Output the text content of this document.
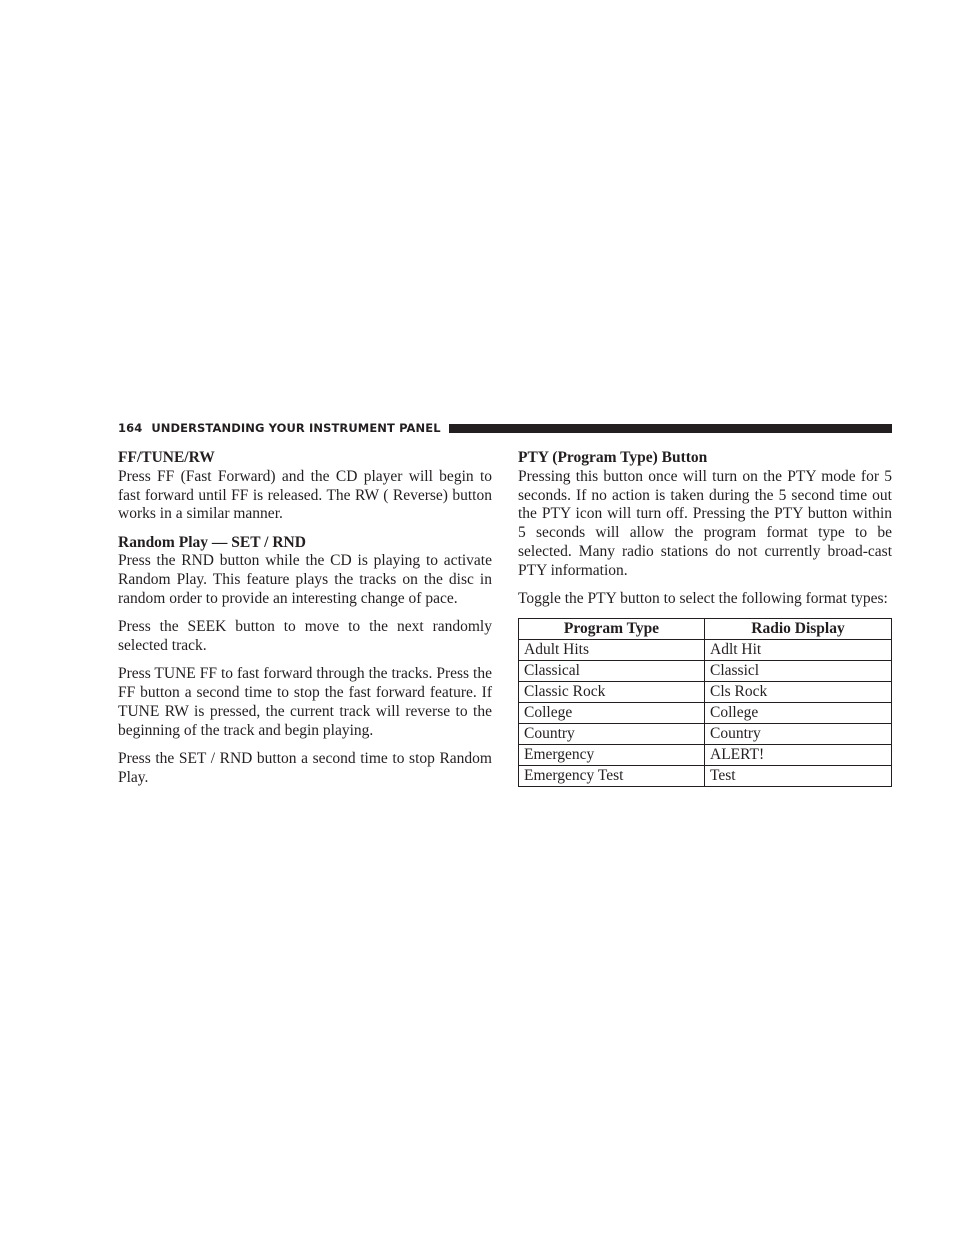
164 UNDERSTANDING YOUR INSTRUMENT PANEL
FF/TUNE/RW

Press FF (Fast Forward) and the CD player will begin to fast forward until FF is released. The RW ( Reverse) button works in a similar manner.

Random Play — SET / RND

Press the RND button while the CD is playing to activate Random Play. This feature plays the tracks on the disc in random order to provide an interesting change of pace.

Press the SEEK button to move to the next randomly selected track.

Press TUNE FF to fast forward through the tracks. Press the FF button a second time to stop the fast forward feature. If TUNE RW is pressed, the current track will reverse to the beginning of the track and begin playing.

Press the SET / RND button a second time to stop Random Play.

PTY (Program Type) Button

Pressing this button once will turn on the PTY mode for 5 seconds. If no action is taken during the 5 second time out the PTY icon will turn off. Pressing the PTY button within 5 seconds will allow the program format type to be selected. Many radio stations do not currently broad-cast PTY information.

Toggle the PTY button to select the following format types:

Program Type	Radio Display
Adult Hits	Adlt Hit
Classical	Classicl
Classic Rock	Cls Rock
College	College
Country	Country
Emergency	ALERT!
Emergency Test	Test
